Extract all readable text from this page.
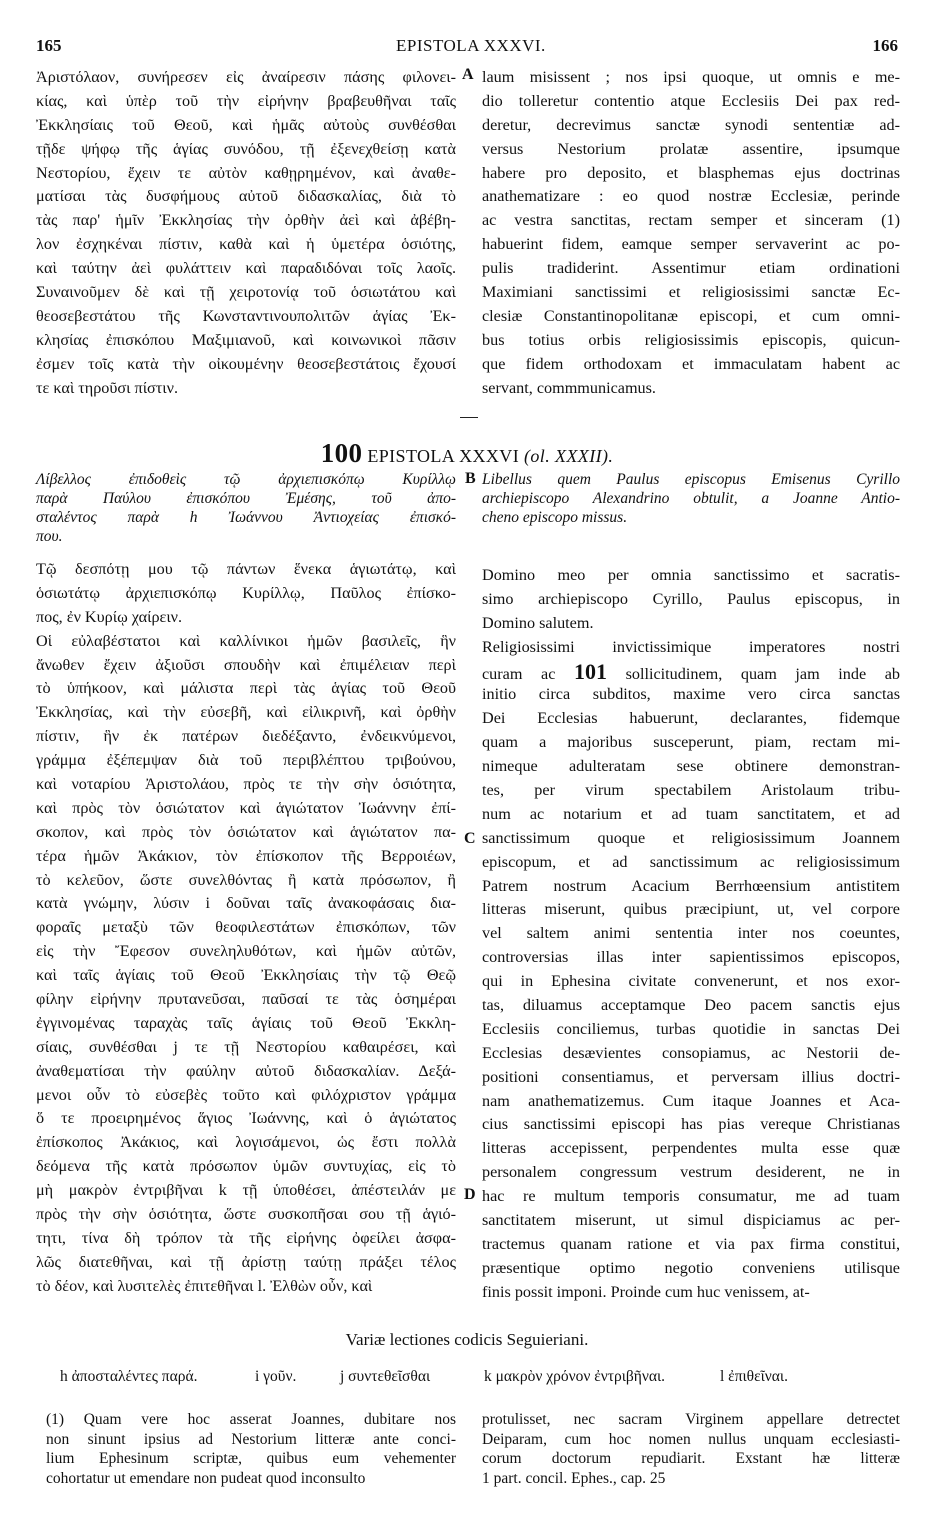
165	EPISTOLA XXXVI.	166
Ἀριστόλαον, συνήρεσεν εἰς ἀναίρεσιν πάσης φιλονει-
κίας, καὶ ὑπὲρ τοῦ τὴν εἰρήνην βραβευθῆναι ταῖς
Ἐκκλησίαις τοῦ Θεοῦ, καὶ ἡμᾶς αὐτοὺς συνθέσθαι
τῇδε ψήφῳ τῆς ἁγίας συνόδου, τῇ ἐξενεχθείσῃ κατὰ
Νεστορίου, ἔχειν τε αὐτὸν καθῃρημένον, καὶ ἀναθε-
ματίσαι τὰς δυσφήμους αὐτοῦ διδασκαλίας, διὰ τὸ
τὰς παρ' ἡμῖν Ἐκκλησίας τὴν ὀρθὴν ἀεὶ καὶ ἀβέβη-
λον ἐσχηκέναι πίστιν, καθὰ καὶ ἡ ὑμετέρα ὁσιότης,
καὶ ταύτην ἀεὶ φυλάττειν καὶ παραδιδόναι τοῖς λαοῖς.
Συναινοῦμεν δὲ καὶ τῇ χειροτονίᾳ τοῦ ὁσιωτάτου καὶ
θεοσεβεστάτου τῆς Κωνσταντινουπολιτῶν ἁγίας Ἐκ-
κλησίας ἐπισκόπου Μαξιμιανοῦ, καὶ κοινωνικοὶ πᾶσιν
ἐσμεν τοῖς κατὰ τὴν οἰκουμένην θεοσεβεστάτοις ἔχουσί
τε καὶ τηροῦσι πίστιν.
A laum misissent ; nos ipsi quoque, ut omnis e me-
dio tolleretur contentio atque Ecclesiis Dei pax red-
deretur, decrevimus sanctæ synodi sententiæ ad-
versus Nestorium prolatæ assentire, ipsumque
habere pro deposito, et blasphemas ejus doctrinas
anathematizare : eo quod nostræ Ecclesiæ, perinde
ac vestra sanctitas, rectam semper et sinceram (1)
habuerint fidem, eamque semper servaverint ac po-
pulis tradiderint. Assentimur etiam ordinationi
Maximiani sanctissimi et religiosissimi sanctæ Ec-
clesiæ Constantinopolitanæ episcopi, et cum omni-
bus totius orbis religiosissimis episcopis, quicun-
que fidem orthodoxam et immaculatam habent ac
servant, commmunicamus.
100 EPISTOLA XXXVI (ol. XXXII).
Λίβελλος ἐπιδοθεὶς τῷ ἀρχιεπισκόπῳ Κυρίλλῳ
παρὰ Παύλου ἐπισκόπου Ἐμέσης, τοῦ ἀπο-
σταλέντος παρὰ h Ἰωάννου Ἀντιοχείας ἐπισκό-
που.
B Libellus quem Paulus episcopus Emisenus Cyrillo
archiepiscopo Alexandrino obtulit, a Joanne Antio-
cheno episcopo missus.
Τῷ δεσπότῃ μου τῷ πάντων ἕνεκα ἁγιωτάτῳ, καὶ
ὁσιωτάτῳ ἀρχιεπισκόπῳ Κυρίλλῳ, Παῦλος ἐπίσκο-
πος, ἐν Κυρίῳ χαίρειν.
Οἱ εὐλαβέστατοι καὶ καλλίνικοι ἡμῶν βασιλεῖς, ἣν
ἄνωθεν ἔχειν ἀξιοῦσι σπουδὴν καὶ ἐπιμέλειαν περὶ
τὸ ὑπήκοον, καὶ μάλιστα περὶ τὰς ἁγίας τοῦ Θεοῦ
Ἐκκλησίας, καὶ τὴν εὐσεβῆ, καὶ εἰλικρινῆ, καὶ ὀρθὴν
πίστιν, ἣν ἐκ πατέρων διεδέξαντο, ἐνδεικνύμενοι,
γράμμα ἐξέπεμψαν διὰ τοῦ περιβλέπτου τριβούνου,
καὶ νοταρίου Ἀριστολάου, πρὸς τε τὴν σὴν ὁσιότητα,
καὶ πρὸς τὸν ὁσιώτατον καὶ ἁγιώτατον Ἰωάννην ἐπί-
σκοπον, καὶ πρὸς τὸν ὁσιώτατον καὶ ἁγιώτατον πα-
τέρα ἡμῶν Ἀκάκιον, τὸν ἐπίσκοπον τῆς Βερροιέων,
τὸ κελεῦον, ὥστε συνελθόντας ἢ κατὰ πρόσωπον, ἢ
κατὰ γνώμην, λύσιν i δοῦναι ταῖς ἀνακοφάσαις δια-
φοραῖς μεταξὺ τῶν θεοφιλεστάτων ἐπισκόπων, τῶν
εἰς τὴν Ἔφεσον συνεληλυθότων, καὶ ἡμῶν αὐτῶν,
καὶ ταῖς ἁγίαις τοῦ Θεοῦ Ἐκκλησίαις τὴν τῷ Θεῷ
φίλην εἰρήνην πρυτανεῦσαι, παῦσαί τε τὰς ὁσημέραι
ἐγγινομένας ταραχὰς ταῖς ἁγίαις τοῦ Θεοῦ Ἐκκλη-
σίαις, συνθέσθαι j τε τῇ Νεστορίου καθαιρέσει, καὶ
ἀναθεματίσαι τὴν φαύλην αὐτοῦ διδασκαλίαν. Δεξά-
μενοι οὖν τὸ εὐσεβὲς τοῦτο καὶ φιλόχριστον γράμμα
ὅ τε προειρημένος ἅγιος Ἰωάννης, καὶ ὁ ἁγιώτατος
ἐπίσκοπος Ἀκάκιος, καὶ λογισάμενοι, ὡς ἔστι πολλὰ
δεόμενα τῆς κατὰ πρόσωπον ὑμῶν συντυχίας, εἰς τὸ
μὴ μακρὸν ἐντριβῆναι k τῇ ὑποθέσει, ἀπέστειλάν με
πρὸς τὴν σὴν ὁσιότητα, ὥστε συσκοπῆσαι σου τῇ ἁγιό-
τητι, τίνα δὴ τρόπον τὰ τῆς εἰρήνης ὀφείλει ἀσφα-
λῶς διατεθῆναι, καὶ τῇ ἀρίστῃ ταύτῃ πράξει τέλος
τὸ δέον, καὶ λυσιτελὲς ἐπιτεθῆναι l. Ἐλθὼν οὖν, καὶ
C
D
Domino meo per omnia sanctissimo et sacratis-
simo archiepiscopo Cyrillo, Paulus episcopus, in
Domino salutem.
Religiosissimi invictissimique imperatores nostri
curam ac 101 sollicitudinem, quam jam inde ab
initio circa subditos, maxime vero circa sanctas
Dei Ecclesias habuerunt, declarantes, fidemque
quam a majoribus susceperunt, piam, rectam mi-
nimeque adulteratam sese obtinere demonstran-
tes, per virum spectabilem Aristolaum tribu-
num ac notarium et ad tuam sanctitatem, et ad
sanctissimum quoque et religiosissimum Joannem
episcopum, et ad sanctissimum ac religiosissimum
Patrem nostrum Acacium Berrhœensium antistitem
litteras miserunt, quibus præcipiunt, ut, vel corpore
vel saltem animi sententia inter nos coeuntes,
controversias illas inter sapientissimos episcopos,
qui in Ephesina civitate convenerunt, et nos exor-
tas, diluamus acceptamque Deo pacem sanctis ejus
Ecclesiis conciliemus, turbas quotidie in sanctas Dei
Ecclesias desævientes consopiamus, ac Nestorii de-
positioni consentiamus, et perversam illius doctri-
nam anathematizemus. Cum itaque Joannes et Aca-
cius sanctissimi episcopi has pias vereque Christianas
litteras accepissent, perpendentes multa esse quæ
personalem congressum vestrum desiderent, ne in
hac re multum temporis consumatur, me ad tuam
sanctitatem miserunt, ut simul dispiciamus ac per-
tractemus quanam ratione et via pax firma constitui,
præsentique optimo negotio conveniens utilisque
finis possit imponi. Proinde cum huc venissem, at-
Variæ lectiones codicis Seguieriani.
h ἀποσταλέντες παρά.	i γοῦν.	j συντεθεῖσθαι	k μακρὸν χρόνον ἐντριβῆναι.	l ἐπιθεῖναι.
(1) Quam vere hoc asserat Joannes, dubitare nos
non sinunt ipsius ad Nestorium litteræ ante conci-
lium Ephesinum scriptæ, quibus eum vehementer
cohortatur ut emendare non pudeat quod inconsulto
protulisset, nec sacram Virginem appellare detrectet
Deiparam, cum hoc nomen nullus unquam ecclesiasti-
corum doctorum repudiarit. Exstant hæ litteræ
1 part. concil. Ephes., cap. 25
